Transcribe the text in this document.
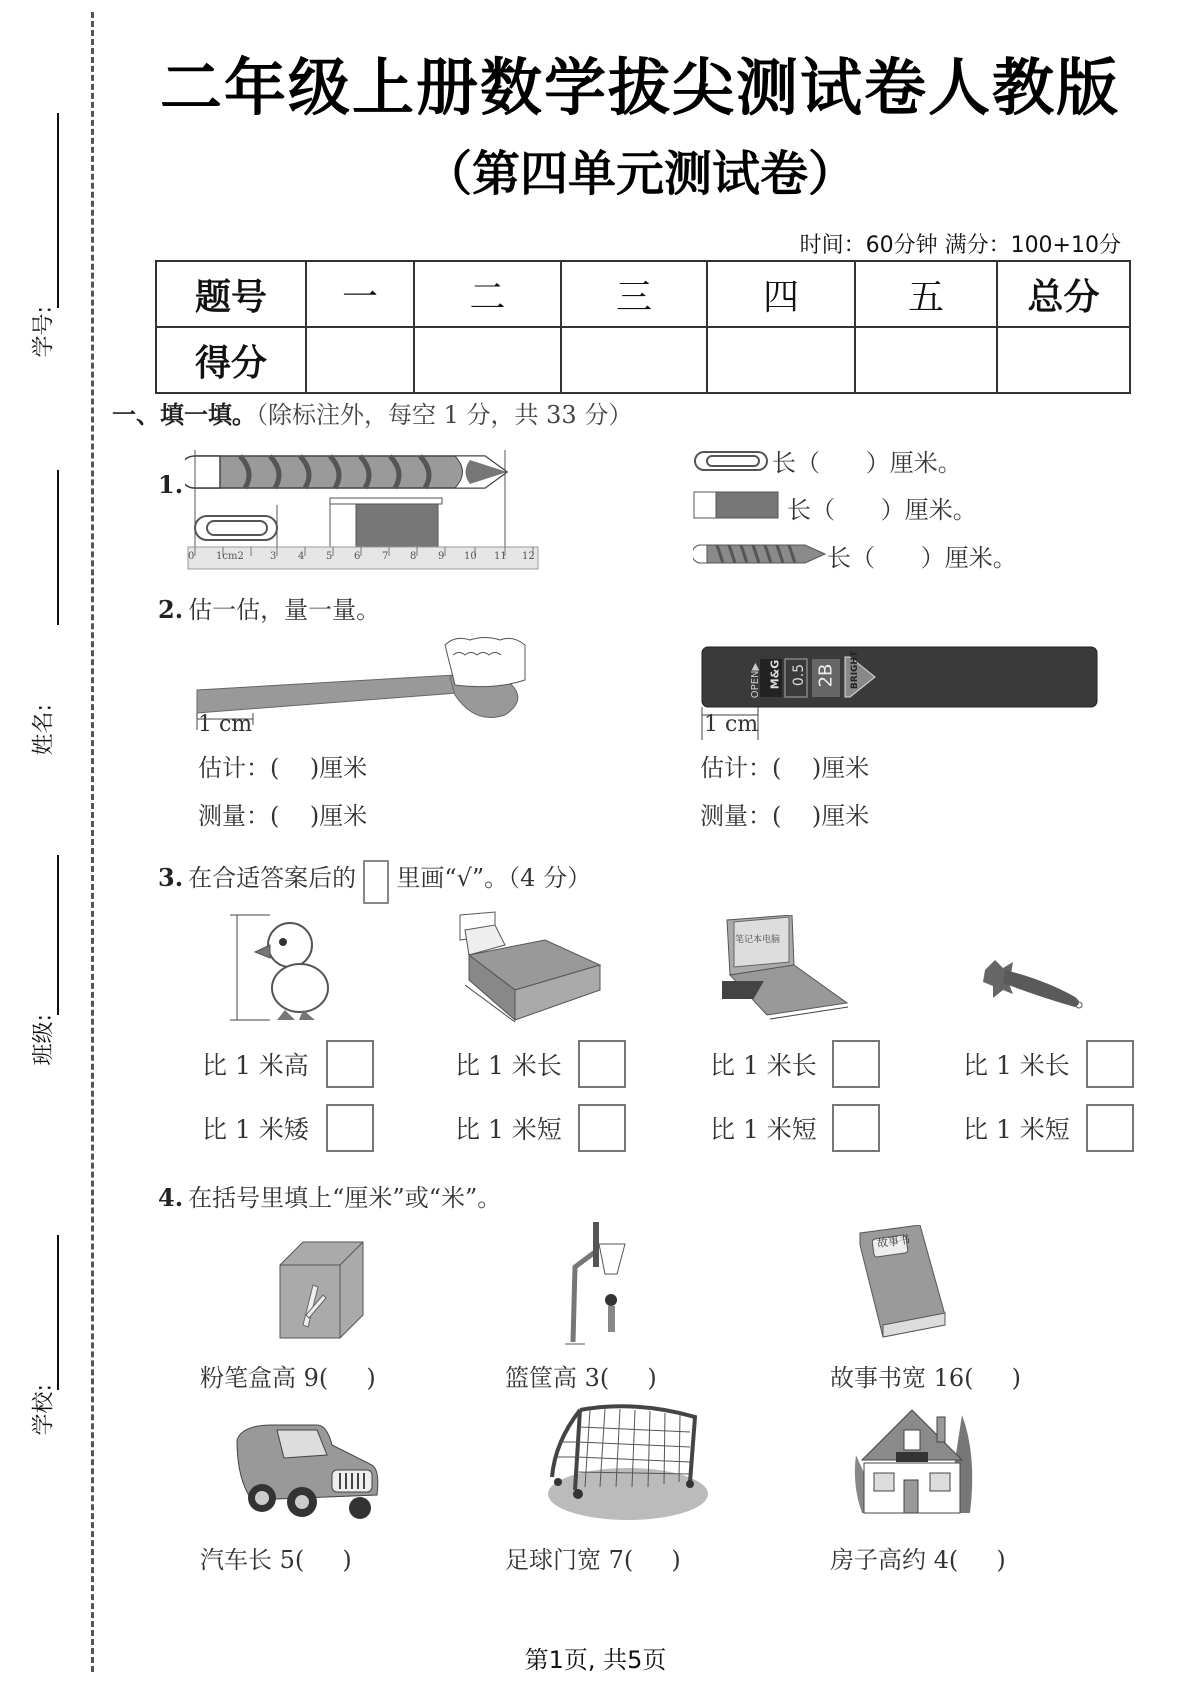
学号:
姓名:
班级:
学校:
二年级上册数学拔尖测试卷人教版
（第四单元测试卷）
时间：60分钟 满分：100+10分
题号	一	二	三	四	五	总分
得分						
一、填一填。（除标注外，每空 1 分，共 33 分）
1.
0 1cm2	3 4 5 6 7 8 9 10 11 12
长（      ）厘米。
长（      ）厘米。
长（      ）厘米。
2. 估一估，量一量。
1 cm
估计：(    )厘米
测量：(    )厘米
OPEN▶ M&G 0.5 2B BRIGHT
1 cm
估计：(    )厘米
测量：(    )厘米
3. 在合适答案后的 里画“√”。（4 分）
笔记本电脑
比 1 米高
比 1 米矮
比 1 米长
比 1 米短
比 1 米长
比 1 米短
比 1 米长
比 1 米短
4. 在括号里填上“厘米”或“米”。
故事书
粉笔盒高 9(     )	篮筐高 3(     )	故事书宽 16(     )
汽车长 5(     )	足球门宽 7(     )	房子高约 4(     )
第1页, 共5页
